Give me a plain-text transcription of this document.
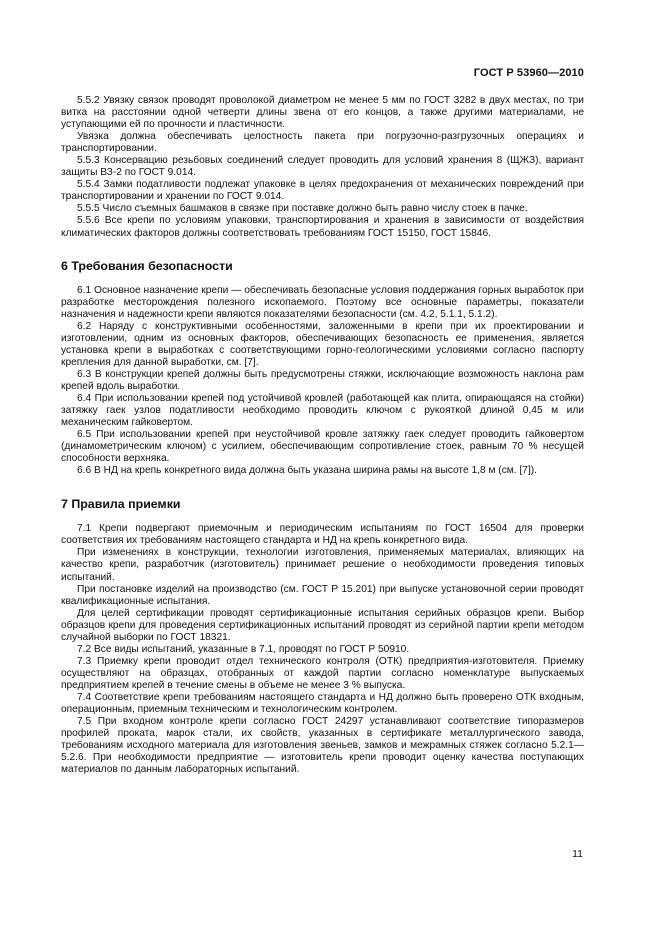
ГОСТ Р 53960—2010

5.5.2 Увязку связок проводят проволокой диаметром не менее 5 мм по ГОСТ 3282 в двух местах, по три витка на расстоянии одной четверти длины звена от его концов, а также другими материалами, не уступающими ей по прочности и пластичности.

Увязка должна обеспечивать целостность пакета при погрузочно-разгрузочных операциях и транспортировании.

5.5.3 Консервацию резьбовых соединений следует проводить для условий хранения 8 (ЩЖЗ), вариант защиты ВЗ-2 по ГОСТ 9.014.

5.5.4 Замки податливости подлежат упаковке в целях предохранения от механических повреждений при транспортировании и хранении по ГОСТ 9.014.

5.5.5 Число съемных башмаков в связке при поставке должно быть равно числу стоек в пачке.

5.5.6 Все крепи по условиям упаковки, транспортирования и хранения в зависимости от воздействия климатических факторов должны соответствовать требованиям ГОСТ 15150, ГОСТ 15846.

6 Требования безопасности

6.1 Основное назначение крепи — обеспечивать безопасные условия поддержания горных выработок при разработке месторождения полезного ископаемого. Поэтому все основные параметры, показатели назначения и надежности крепи являются показателями безопасности (см. 4.2, 5.1.1, 5.1.2).

6.2 Наряду с конструктивными особенностями, заложенными в крепи при их проектировании и изготовлении, одним из основных факторов, обеспечивающих безопасность ее применения, является установка крепи в выработках с соответствующими горно-геологическими условиями согласно паспорту крепления для данной выработки, см. [7].

6.3 В конструкции крепей должны быть предусмотрены стяжки, исключающие возможность наклона рам крепей вдоль выработки.

6.4 При использовании крепей под устойчивой кровлей (работающей как плита, опирающаяся на стойки) затяжку гаек узлов податливости необходимо проводить ключом с рукояткой длиной 0,45 м или механическим гайковертом.

6.5 При использовании крепей при неустойчивой кровле затяжку гаек следует проводить гайковертом (динамометрическим ключом) с усилием, обеспечивающим сопротивление стоек, равным 70 % несущей способности верхняка.

6.6 В НД на крепь конкретного вида должна быть указана ширина рамы на высоте 1,8 м (см. [7]).

7 Правила приемки

7.1 Крепи подвергают приемочным и периодическим испытаниям по ГОСТ 16504 для проверки соответствия их требованиям настоящего стандарта и НД на крепь конкретного вида.

При изменениях в конструкции, технологии изготовления, применяемых материалах, влияющих на качество крепи, разработчик (изготовитель) принимает решение о необходимости проведения типовых испытаний.

При постановке изделий на производство (см. ГОСТ Р 15.201) при выпуске установочной серии проводят квалификационные испытания.

Для целей сертификации проводят сертификационные испытания серийных образцов крепи. Выбор образцов крепи для проведения сертификационных испытаний проводят из серийной партии крепи методом случайной выборки по ГОСТ 18321.

7.2 Все виды испытаний, указанные в 7.1, проводят по ГОСТ Р 50910.

7.3 Приемку крепи проводит отдел технического контроля (ОТК) предприятия-изготовителя. Приемку осуществляют на образцах, отобранных от каждой партии согласно номенклатуре выпускаемых предприятием крепей в течение смены в объеме не менее 3 % выпуска.

7.4 Соответствие крепи требованиям настоящего стандарта и НД должно быть проверено ОТК входным, операционным, приемным техническим и технологическим контролем.

7.5 При входном контроле крепи согласно ГОСТ 24297 устанавливают соответствие типоразмеров профилей проката, марок стали, их свойств, указанных в сертификате металлургического завода, требованиям исходного материала для изготовления звеньев, замков и межрамных стяжек согласно 5.2.1—5.2.6. При необходимости предприятие — изготовитель крепи проводит оценку качества поступающих материалов по данным лабораторных испытаний.

11
